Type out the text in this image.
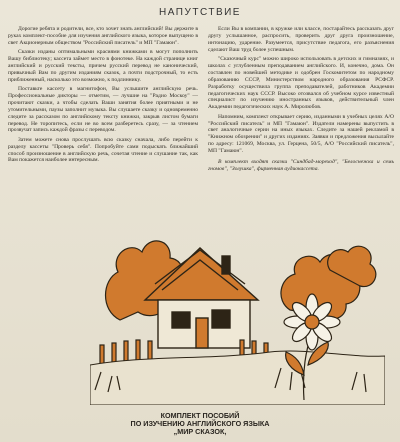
НАПУТСТВИЕ

Дорогие ребята и родители, все, кто хочет знать английский! Вы держите в руках комплект-пособие для изучения английского языка, которое выпущено в свет Акционерным обществом "Российский писатель" и МП "Гамаюн".

Сказки изданы оптимальными красиями книжками в могут пополнить Вашу библиотеку; кассета займет место в фонотеке. На каждой странице книг английский и русский тексты, причем русский перевод не канонический, привычный Вам по другим изданиям сказок, а почти подстрочный, то есть приближенный, насколько это возможно, к подлиннику.

Поставьте кассету в магнитофон, Вы услышите английскую речь. Профессиональные дикторы — отметим, — лучшие на "Радио Москоу" — прочитают сказки, а чтобы сделать Ваши занятия более приятными и не утомительными, паузы заполнит музыка. Вы слушаете сказку и одновременно следите за рассказом по английскому тексту книжки, закрыв листом бумаги перевод. Не торопитесь, если не во всем разберетесь сразу, — за чтением прозвучат запись каждой фразы с переводом.

Затем можете снова прослушать всю сказку сначала, либо перейти к разделу кассеты "Проверь себя". Попробуйте сами подыскать ближайший способ произношение в английскую речь, сочетая чтение и слушание так, как Вам покажется наиболее интересным.

Если Вы в компании, в кружке или классе, постарайтесь рассказать друг другу услышанное, распросить, проверить друг друга произношение, интонацию, ударение. Разумеется, присутствие педагога, его разъяснения сделают Ваш труд более успешным.

"Сказочный курс" можно широко использовать в детских и гимназиях, и школах с углубленным преподаванием английского. И, конечно, дома. Он составлен по новейшей методике и одобрен Госкомитетом по народному образованию СССР, Министерством народного образования РСФСР. Разработку осуществила группа преподавателей, работников Академии педагогических наук СССР. Высоко отозвался об учебном курсе известный специалист по изучению иностранных языков, действительный член Академии педагогических наук А. Миролюбов.

Напомним, комплект открывает серию, изданными в учебных целях A/O "Российский писатель" и МП "Гамаюн". Издатели намерены выпустить в свет аналогичные серии на иных языках. Следите за нашей рекламой в "Книжном обозрении" и других изданиях. Заявки и предложения высылайте по адресу: 121069, Москва, ул. Герцена, 50/5, A/O "Российский писатель", МП "Гамаюн".

В комплект входят сказки "Синдбад-мореход", "Белоснежка и семь гномов", "Золушка", фирменная аудиокассета.

КОМПЛЕКТ ПОСОБИЙ
ПО ИЗУЧЕНИЮ АНГЛИЙСКОГО ЯЗЫКА
„МИР СКАЗОК,
